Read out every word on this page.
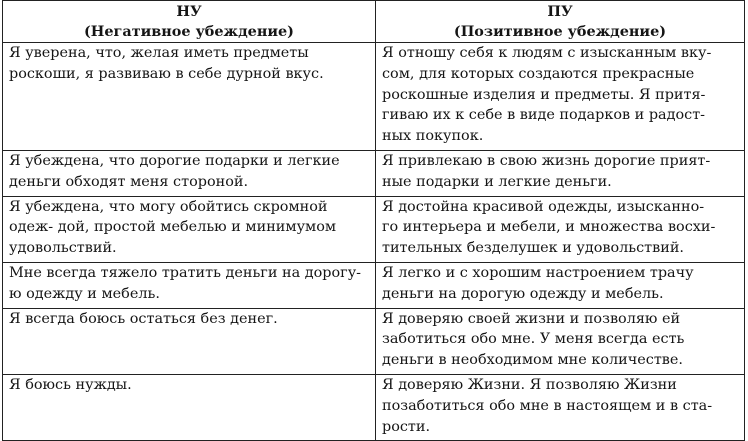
НУ
(Негативное убеждение)	ПУ
(Позитивное убеждение)

Я уверена, что, желая иметь предметы
роскоши, я развиваю в себе дурной вкус.	Я отношу себя к людям с изысканным вку-
сом, для которых создаются прекрасные
роскошные изделия и предметы. Я притя-
гиваю их к себе в виде подарков и радост-
ных покупок.

Я убеждена, что дорогие подарки и легкие
деньги обходят меня стороной.	Я привлекаю в свою жизнь дорогие прият-
ные подарки и легкие деньги.

Я убеждена, что могу обойтись скромной
одеж- дой, простой мебелью и минимумом
удовольствий.	Я достойна красивой одежды, изысканно-
го интерьера и мебели, и множества восхи-
тительных безделушек и удовольствий.

Мне всегда тяжело тратить деньги на дорогу-
ю одежду и мебель.	Я легко и с хорошим настроением трачу
деньги на дорогую одежду и мебель.

Я всегда боюсь остаться без денег.	Я доверяю своей жизни и позволяю ей
заботиться обо мне. У меня всегда есть
деньги в необходимом мне количестве.

Я боюсь нужды.	Я доверяю Жизни. Я позволяю Жизни
позаботиться обо мне в настоящем и в ста-
рости.
